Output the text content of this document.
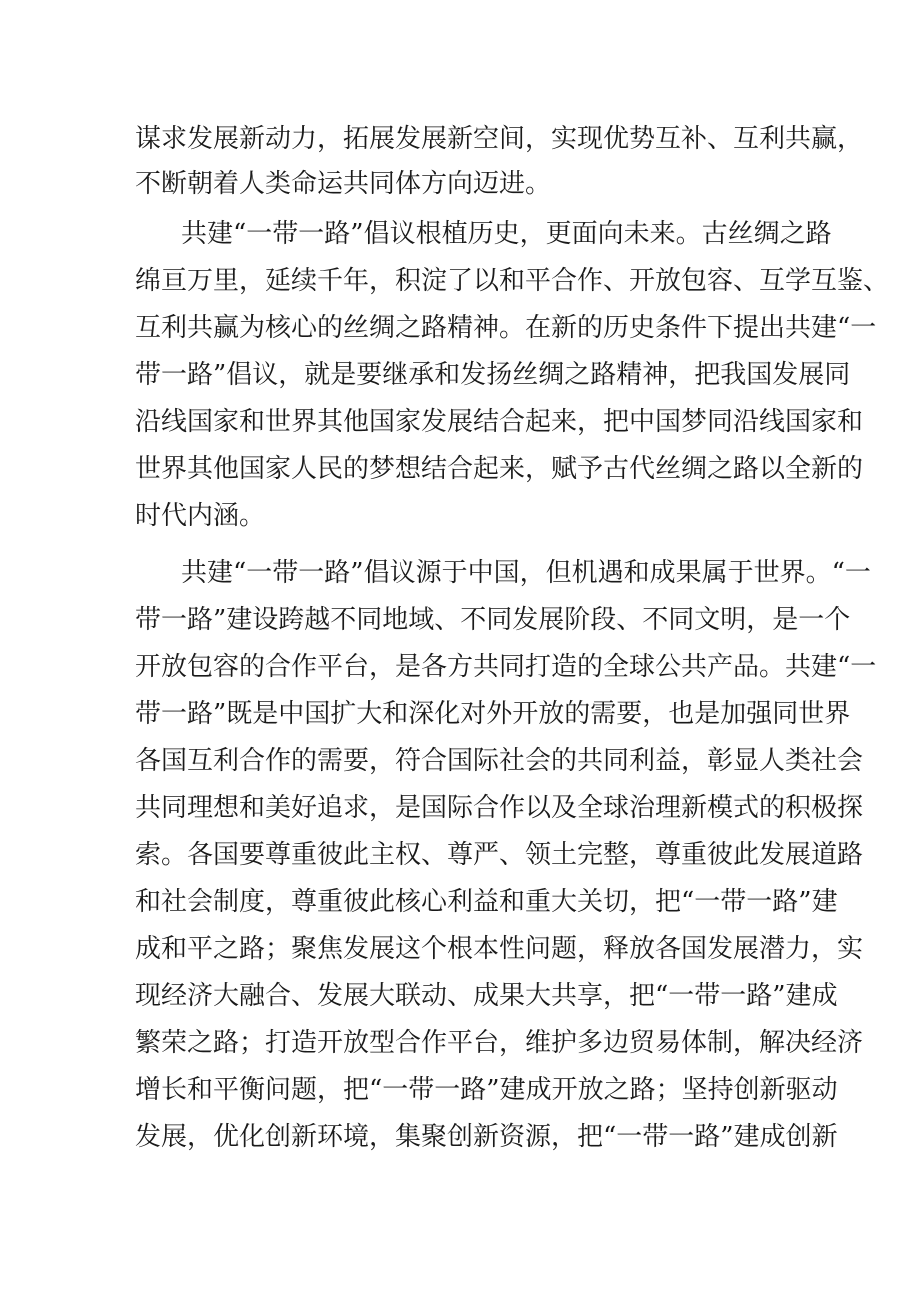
谋求发展新动力，拓展发展新空间，实现优势互补、互利共赢，
不断朝着人类命运共同体方向迈进。
共建“一带一路”倡议根植历史，更面向未来。古丝绸之路
绵亘万里，延续千年，积淀了以和平合作、开放包容、互学互鉴、
互利共赢为核心的丝绸之路精神。在新的历史条件下提出共建“一
带一路”倡议，就是要继承和发扬丝绸之路精神，把我国发展同
沿线国家和世界其他国家发展结合起来，把中国梦同沿线国家和
世界其他国家人民的梦想结合起来，赋予古代丝绸之路以全新的
时代内涵。
共建“一带一路”倡议源于中国，但机遇和成果属于世界。“一
带一路”建设跨越不同地域、不同发展阶段、不同文明，是一个
开放包容的合作平台，是各方共同打造的全球公共产品。共建“一
带一路”既是中国扩大和深化对外开放的需要，也是加强同世界
各国互利合作的需要，符合国际社会的共同利益，彰显人类社会
共同理想和美好追求，是国际合作以及全球治理新模式的积极探
索。各国要尊重彼此主权、尊严、领土完整，尊重彼此发展道路
和社会制度，尊重彼此核心利益和重大关切，把“一带一路”建
成和平之路；聚焦发展这个根本性问题，释放各国发展潜力，实
现经济大融合、发展大联动、成果大共享，把“一带一路”建成
繁荣之路；打造开放型合作平台，维护多边贸易体制，解决经济
增长和平衡问题，把“一带一路”建成开放之路；坚持创新驱动
发展，优化创新环境，集聚创新资源，把“一带一路”建成创新
